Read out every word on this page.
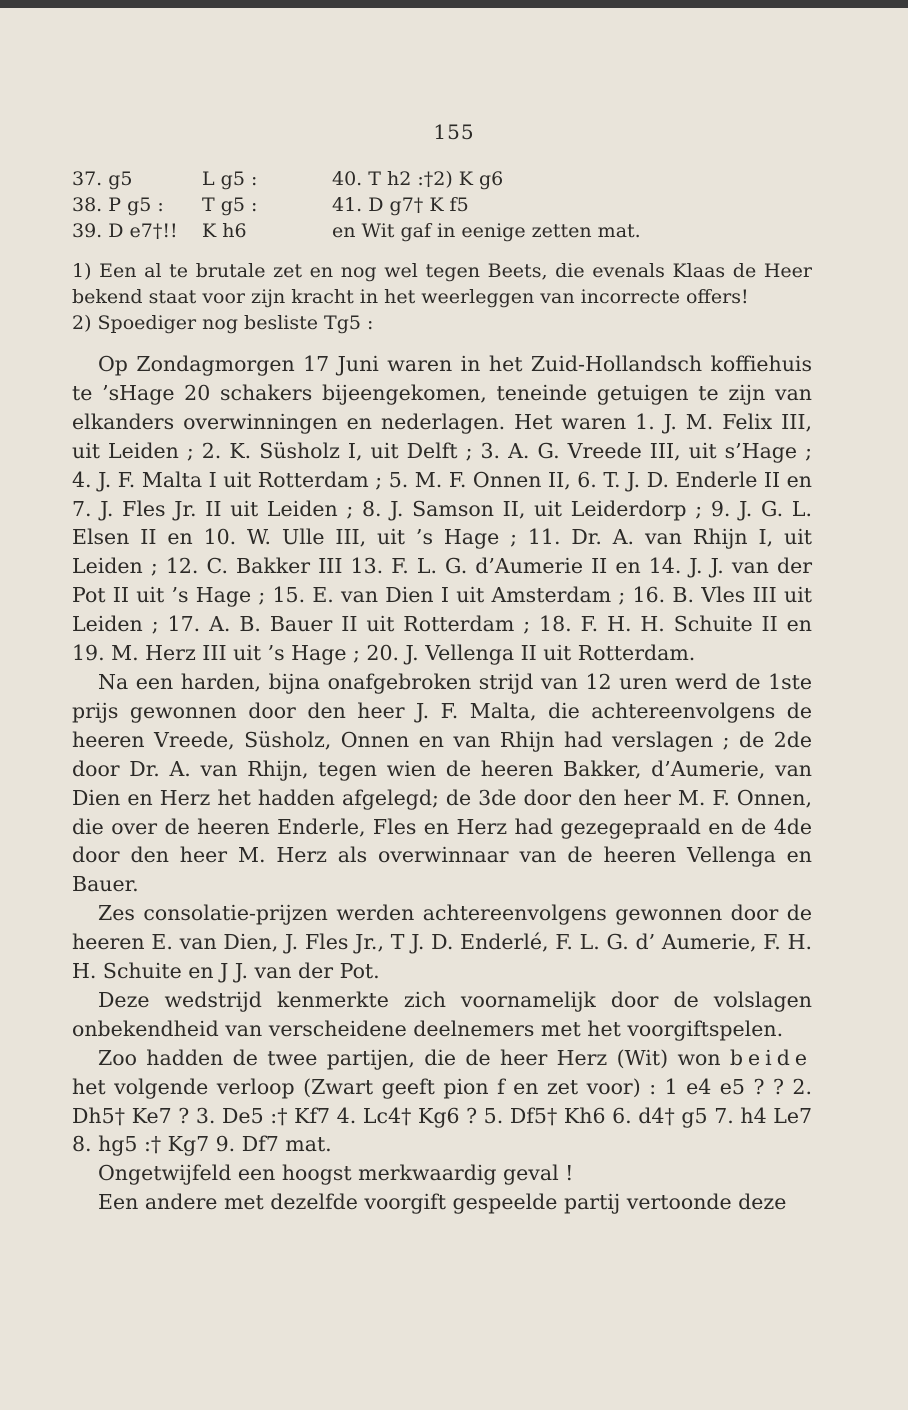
155
37. g5	L g5 :	40. T h2 :†2) K g6
38. P g5 :	T g5 :	41. D g7† K f5
39. D e7†!!	K h6	en Wit gaf in eenige zetten mat.
1) Een al te brutale zet en nog wel tegen Beets, die evenals Klaas de Heer bekend staat voor zijn kracht in het weerleggen van incorrecte offers!
2) Spoediger nog besliste Tg5 :

Op Zondagmorgen 17 Juni waren in het Zuid-Hollandsch koffiehuis te ’sHage 20 schakers bijeengekomen, teneinde getuigen te zijn van elkanders overwinningen en nederlagen. Het waren 1. J. M. Felix III, uit Leiden ; 2. K. Süsholz I, uit Delft ; 3. A. G. Vreede III, uit s’Hage ; 4. J. F. Malta I uit Rotterdam ; 5. M. F. Onnen II, 6. T. J. D. Enderle II en 7. J. Fles Jr. II uit Leiden ; 8. J. Samson II, uit Leiderdorp ; 9. J. G. L. Elsen II en 10. W. Ulle III, uit ’s Hage ; 11. Dr. A. van Rhijn I, uit Leiden ; 12. C. Bakker III 13. F. L. G. d’Aumerie II en 14. J. J. van der Pot II uit ’s Hage ; 15. E. van Dien I uit Amsterdam ; 16. B. Vles III uit Leiden ; 17. A. B. Bauer II uit Rotterdam ; 18. F. H. H. Schuite II en 19. M. Herz III uit ’s Hage ; 20. J. Vellenga II uit Rotterdam.

Na een harden, bijna onafgebroken strijd van 12 uren werd de 1ste prijs gewonnen door den heer J. F. Malta, die achtereenvolgens de heeren Vreede, Süsholz, Onnen en van Rhijn had verslagen ; de 2de door Dr. A. van Rhijn, tegen wien de heeren Bakker, d’Aumerie, van Dien en Herz het hadden afgelegd; de 3de door den heer M. F. Onnen, die over de heeren Enderle, Fles en Herz had gezegepraald en de 4de door den heer M. Herz als overwinnaar van de heeren Vellenga en Bauer.

Zes consolatie-prijzen werden achtereenvolgens gewonnen door de heeren E. van Dien, J. Fles Jr., T J. D. Enderlé, F. L. G. d’ Aumerie, F. H. H. Schuite en J J. van der Pot.

Deze wedstrijd kenmerkte zich voornamelijk door de volslagen onbekendheid van verscheidene deelnemers met het voorgiftspelen.

Zoo hadden de twee partijen, die de heer Herz (Wit) won beide het volgende verloop (Zwart geeft pion f en zet voor) : 1 e4 e5 ? ? 2. Dh5† Ke7 ? 3. De5 :† Kf7 4. Lc4† Kg6 ? 5. Df5† Kh6 6. d4† g5 7. h4 Le7 8. hg5 :† Kg7 9. Df7 mat.

Ongetwijfeld een hoogst merkwaardig geval !

Een andere met dezelfde voorgift gespeelde partij vertoonde deze
